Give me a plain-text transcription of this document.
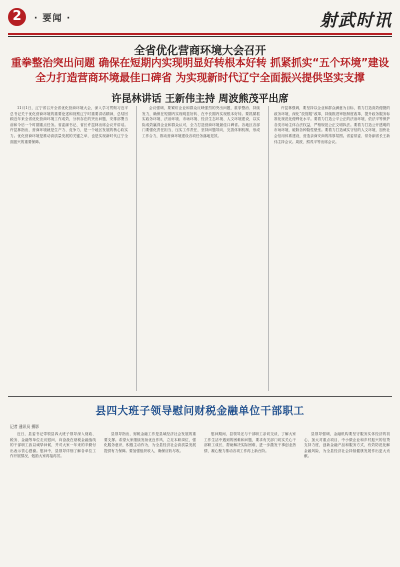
2	· 要闻 ·	射武时讯
全省优化营商环境大会召开
重拳整治突出问题 确保在短期内实现明显好转根本好转 抓紧抓实“五个环境”建设
全力打造营商环境最佳口碑省 为实现新时代辽宁全面振兴提供坚实支撑
许昆林讲话 王新伟主持 周波熊茂平出席

11月1日，辽宁省召开全省优化营商环境大会，深入学习贯彻习近平总书记关于优化营商环境的重要论述和视察辽宁时重要讲话精神，总结回顾近年来全省优化营商环境工作成效，分析存在的突出问题，安排部署当前和今后一个时期重点任务。省委副书记、省长许昆林出席会议并讲话。许昆林指出，营商环境就是生产力、竞争力，是一个地区发展的核心软实力。优化营商环境是推动高质量发展的关键之举，也是实现新时代辽宁全面振兴的重要保障。

会议强调，要紧盯企业和群众反映强烈的突出问题，重拳整治、持续发力，确保在短期内实现明显好转、在中长期内实现根本好转。要抓紧抓实政务环境、法治环境、市场环境、经济生态环境、人文环境建设，以实际成效赢得企业和群众认可，全力打造营商环境最佳口碑省。各地区各部门要强化责任担当，压实工作责任，坚持问题导向，完善体制机制，形成工作合力，推动营商环境建设各项任务落地见效。

许昆林强调，要坚持以企业和群众满意为目标，着力打造高效便捷的政务环境，深化“放管服”改革，持续推进审批制度改革，提升政务服务标准化规范化便利化水平。要着力打造公平公正的法治环境，依法平等保护各类市场主体合法权益，严格规范公正文明执法。要着力打造公开透明的市场环境，破除各种隐性壁垒。要着力打造诚实守信的人文环境，加快社会信用体系建设，营造亲商安商的浓厚氛围。省委常委、常务副省长王新伟主持会议。周波、熊茂平等出席会议。

县四大班子领导慰问财税金融单位干部职工
记者 通讯员 摄影

近日，县委书记带领县四大班子领导深入财政、税务、金融等单位走访慰问，向奋战在财税金融战线的干部职工致以诚挚问候，并对大家一年来的辛勤付出表示衷心感谢。慰问中，县领导详细了解各单位工作开展情况，勉励大家再接再厉。

县领导指出，财税金融工作是县域经济社会发展的重要支撑。希望大家继续发扬优良作风，立足本职岗位，强化服务意识，积极主动作为，为全县经济社会高质量发展提供有力保障。要加强组织收入，确保应收尽收。

慰问期间，县领导还与干部职工亲切交谈，了解大家工作生活中遇到的困难和问题，要求有关部门切实关心干部职工成长，帮助解决实际困难，进一步激发干事创业热情，凝心聚力推动各项工作再上新台阶。

县领导强调，金融机构要坚守服务实体经济的初心，加大对重点项目、中小微企业和乡村振兴的信贷支持力度，创新金融产品和服务方式，有效防范化解金融风险，为全县经济社会持续健康发展作出更大贡献。
